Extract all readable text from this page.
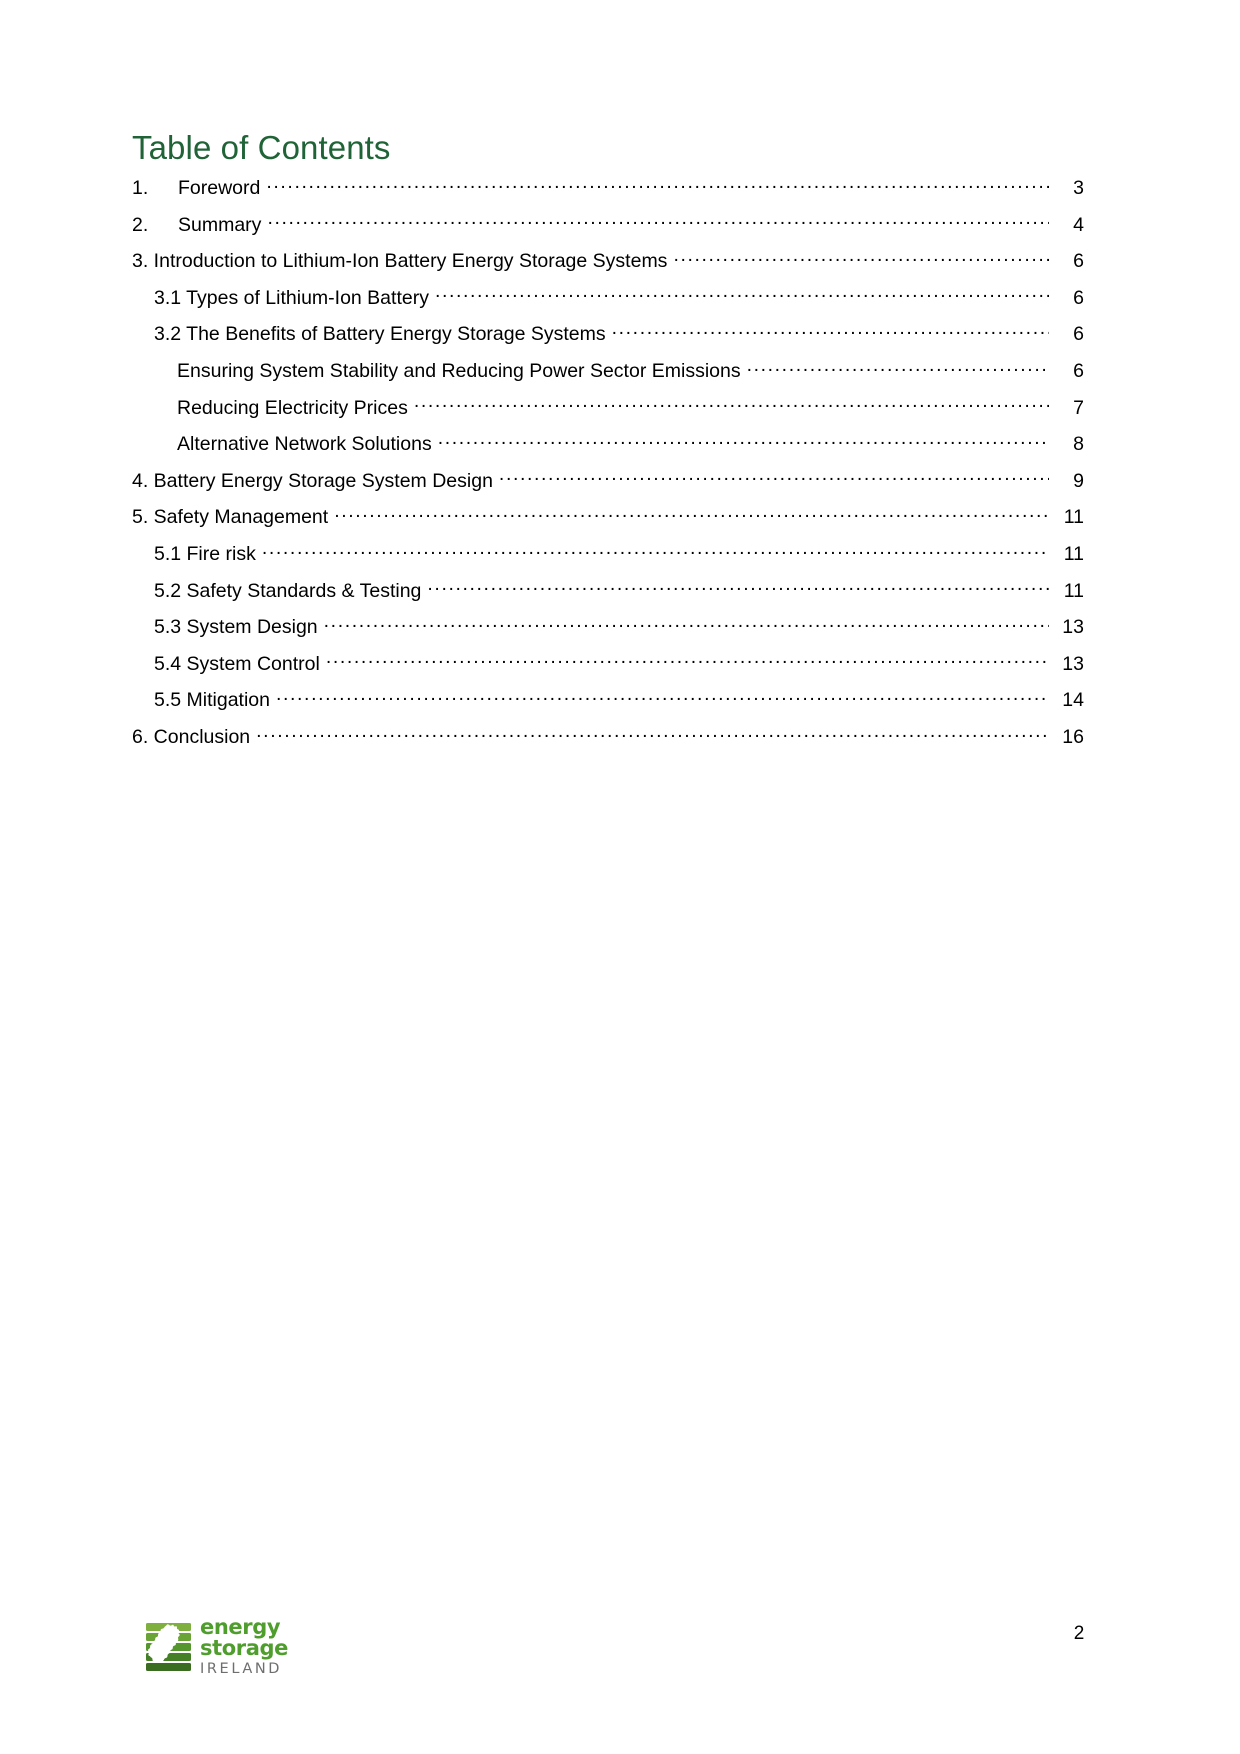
Table of Contents
1.	Foreword .....	3
2.	Summary .....	4
3. Introduction to Lithium-Ion Battery Energy Storage Systems .....	6
3.1 Types of Lithium-Ion Battery .....	6
3.2 The Benefits of Battery Energy Storage Systems .....	6
Ensuring System Stability and Reducing Power Sector Emissions .....	6
Reducing Electricity Prices .....	7
Alternative Network Solutions .....	8
4. Battery Energy Storage System Design .....	9
5. Safety Management .....	11
5.1 Fire risk .....	11
5.2 Safety Standards & Testing .....	11
5.3 System Design .....	13
5.4 System Control .....	13
5.5 Mitigation .....	14
6. Conclusion .....	16
energy
storage
IRELAND
2
